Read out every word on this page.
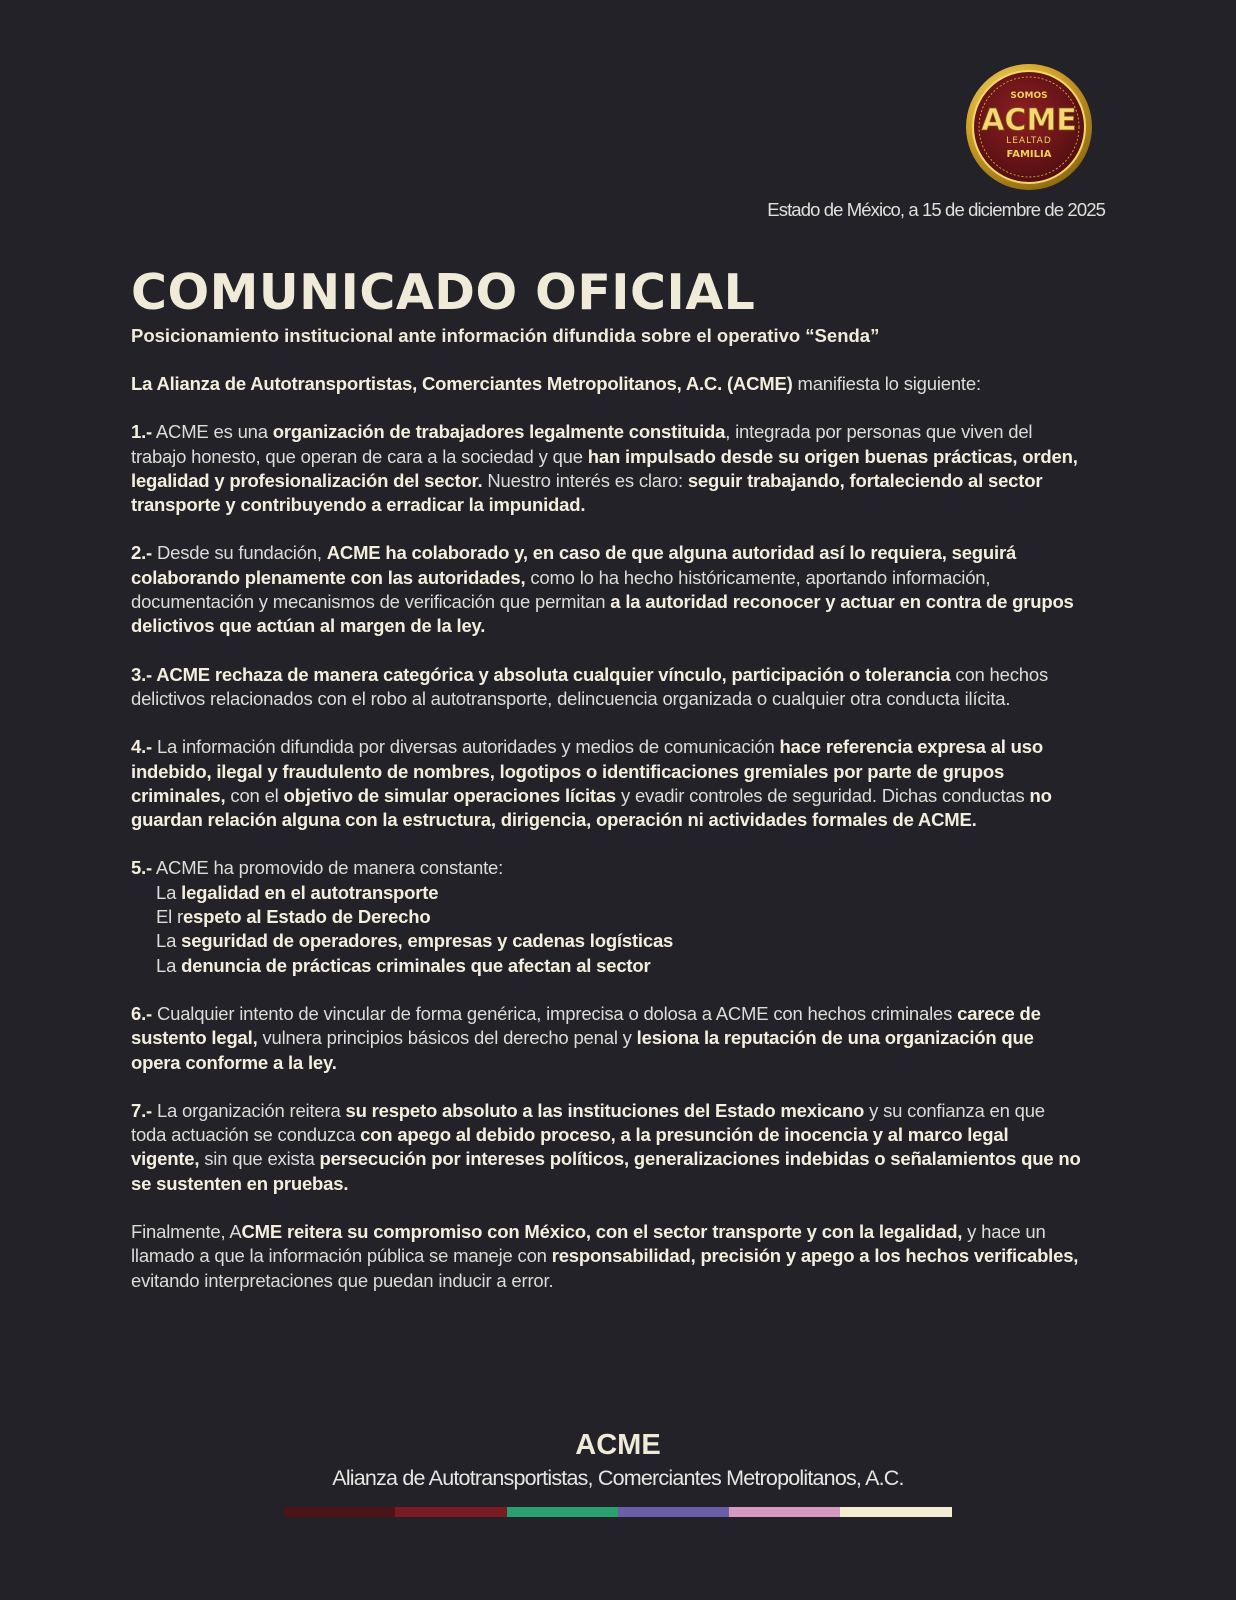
SOMOS
ACME
LEALTAD
FAMILIA

Estado de México, a 15 de diciembre de 2025

COMUNICADO OFICIAL

Posicionamiento institucional ante información difundida sobre el operativo “Senda”

La Alianza de Autotransportistas, Comerciantes Metropolitanos, A.C. (ACME) manifiesta lo siguiente:

1.- ACME es una organización de trabajadores legalmente constituida, integrada por personas que viven del trabajo honesto, que operan de cara a la sociedad y que han impulsado desde su origen buenas prácticas, orden, legalidad y profesionalización del sector. Nuestro interés es claro: seguir trabajando, fortaleciendo al sector transporte y contribuyendo a erradicar la impunidad.

2.- Desde su fundación, ACME ha colaborado y, en caso de que alguna autoridad así lo requiera, seguirá colaborando plenamente con las autoridades, como lo ha hecho históricamente, aportando información, documentación y mecanismos de verificación que permitan a la autoridad reconocer y actuar en contra de grupos delictivos que actúan al margen de la ley.

3.- ACME rechaza de manera categórica y absoluta cualquier vínculo, participación o tolerancia con hechos delictivos relacionados con el robo al autotransporte, delincuencia organizada o cualquier otra conducta ilícita.

4.- La información difundida por diversas autoridades y medios de comunicación hace referencia expresa al uso indebido, ilegal y fraudulento de nombres, logotipos o identificaciones gremiales por parte de grupos criminales, con el objetivo de simular operaciones lícitas y evadir controles de seguridad. Dichas conductas no guardan relación alguna con la estructura, dirigencia, operación ni actividades formales de ACME.

5.- ACME ha promovido de manera constante:

La legalidad en el autotransporte
El respeto al Estado de Derecho
La seguridad de operadores, empresas y cadenas logísticas
La denuncia de prácticas criminales que afectan al sector

6.- Cualquier intento de vincular de forma genérica, imprecisa o dolosa a ACME con hechos criminales carece de sustento legal, vulnera principios básicos del derecho penal y lesiona la reputación de una organización que opera conforme a la ley.

7.- La organización reitera su respeto absoluto a las instituciones del Estado mexicano y su confianza en que toda actuación se conduzca con apego al debido proceso, a la presunción de inocencia y al marco legal vigente, sin que exista persecución por intereses políticos, generalizaciones indebidas o señalamientos que no se sustenten en pruebas.

Finalmente, ACME reitera su compromiso con México, con el sector transporte y con la legalidad, y hace un llamado a que la información pública se maneje con responsabilidad, precisión y apego a los hechos verificables, evitando interpretaciones que puedan inducir a error.

ACME

Alianza de Autotransportistas, Comerciantes Metropolitanos, A.C.
